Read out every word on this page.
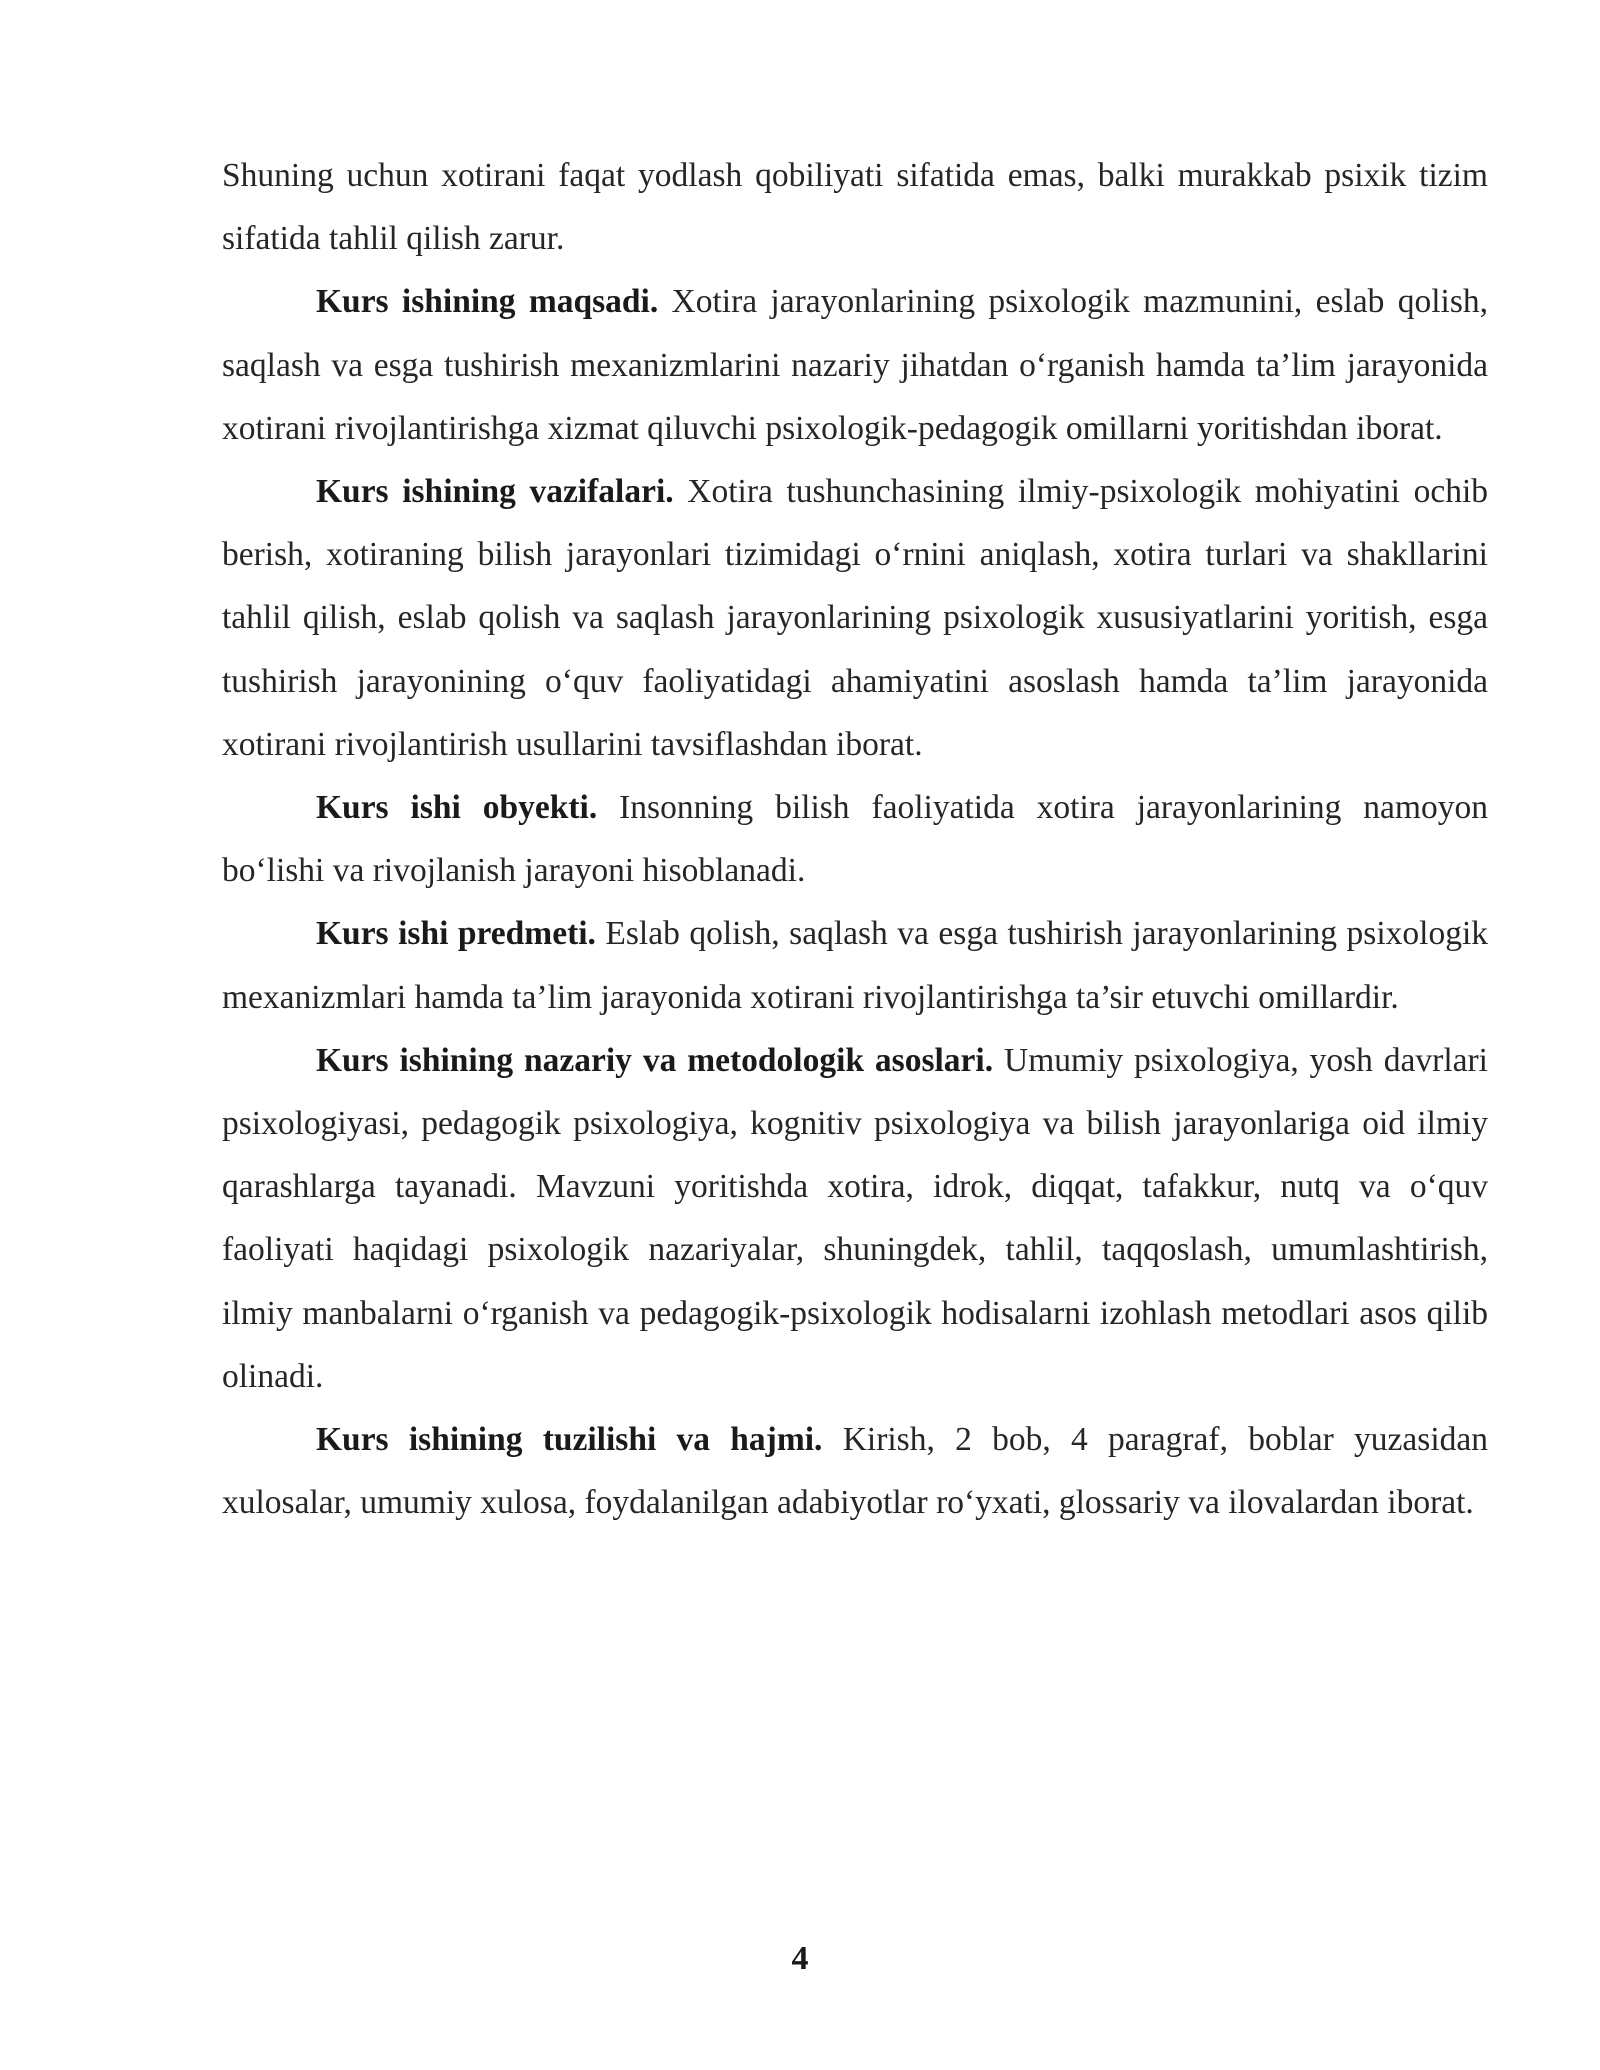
Shuning uchun xotirani faqat yodlash qobiliyati sifatida emas, balki murakkab psixik tizim sifatida tahlil qilish zarur.

Kurs ishining maqsadi. Xotira jarayonlarining psixologik mazmunini, eslab qolish, saqlash va esga tushirish mexanizmlarini nazariy jihatdan o‘rganish hamda ta’lim jarayonida xotirani rivojlantirishga xizmat qiluvchi psixologik-pedagogik omillarni yoritishdan iborat.

Kurs ishining vazifalari. Xotira tushunchasining ilmiy-psixologik mohiyatini ochib berish, xotiraning bilish jarayonlari tizimidagi o‘rnini aniqlash, xotira turlari va shakllarini tahlil qilish, eslab qolish va saqlash jarayonlarining psixologik xususiyatlarini yoritish, esga tushirish jarayonining o‘quv faoliyatidagi ahamiyatini asoslash hamda ta’lim jarayonida xotirani rivojlantirish usullarini tavsiflashdan iborat.

Kurs ishi obyekti. Insonning bilish faoliyatida xotira jarayonlarining namoyon bo‘lishi va rivojlanish jarayoni hisoblanadi.

Kurs ishi predmeti. Eslab qolish, saqlash va esga tushirish jarayonlarining psixologik mexanizmlari hamda ta’lim jarayonida xotirani rivojlantirishga ta’sir etuvchi omillardir.

Kurs ishining nazariy va metodologik asoslari. Umumiy psixologiya, yosh davrlari psixologiyasi, pedagogik psixologiya, kognitiv psixologiya va bilish jarayonlariga oid ilmiy qarashlarga tayanadi. Mavzuni yoritishda xotira, idrok, diqqat, tafakkur, nutq va o‘quv faoliyati haqidagi psixologik nazariyalar, shuningdek, tahlil, taqqoslash, umumlashtirish, ilmiy manbalarni o‘rganish va pedagogik-psixologik hodisalarni izohlash metodlari asos qilib olinadi.

Kurs ishining tuzilishi va hajmi. Kirish, 2 bob, 4 paragraf, boblar yuzasidan xulosalar, umumiy xulosa, foydalanilgan adabiyotlar ro‘yxati, glossariy va ilovalardan iborat.

4
